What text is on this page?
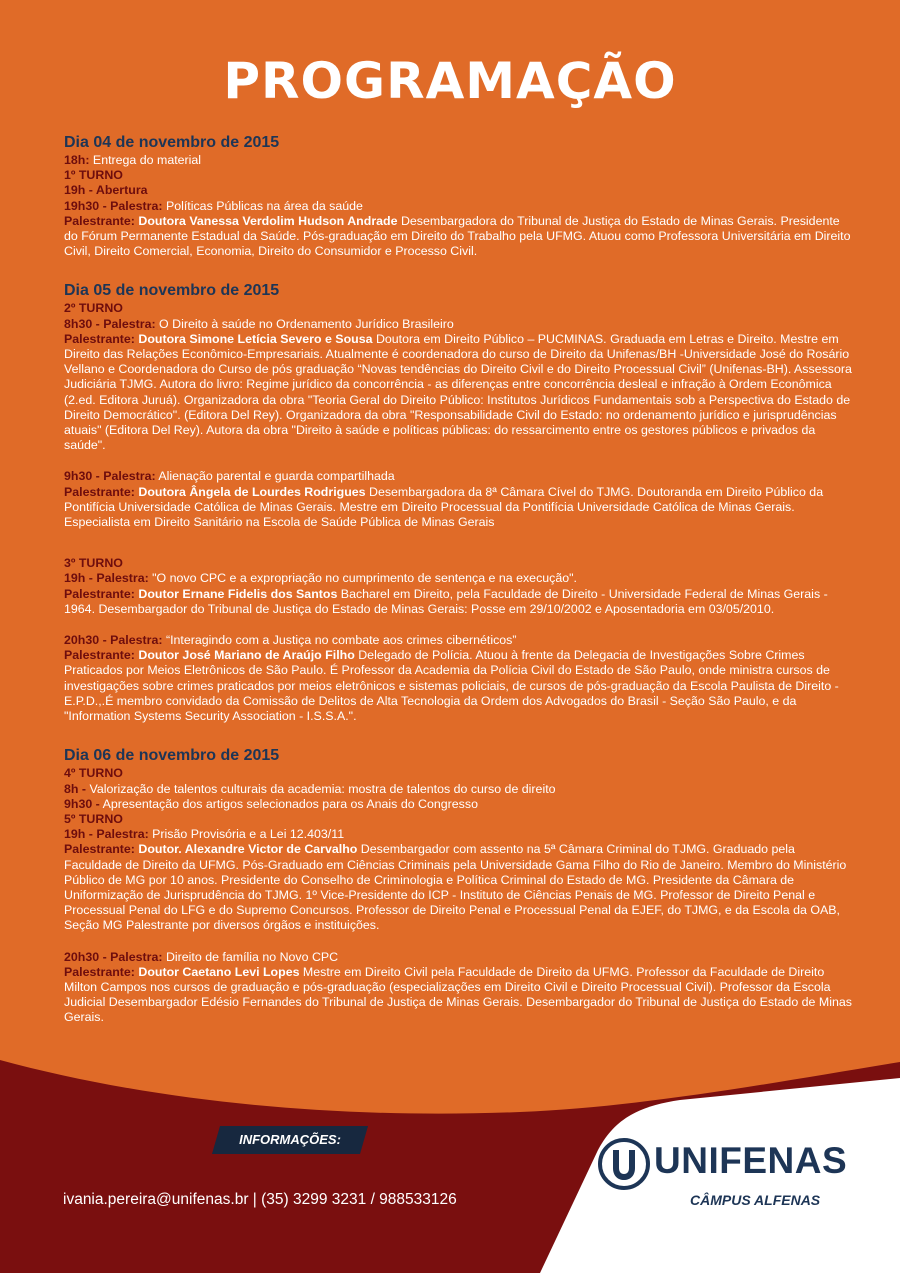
PROGRAMAÇÃO

Dia 04 de novembro de 2015

18h: Entrega do material

1º TURNO

19h - Abertura

19h30 - Palestra: Políticas Públicas na área da saúde

Palestrante: Doutora Vanessa Verdolim Hudson Andrade Desembargadora do Tribunal de Justiça do Estado de Minas Gerais. Presidente do Fórum Permanente Estadual da Saúde. Pós-graduação em Direito do Trabalho pela UFMG. Atuou como Professora Universitária em Direito Civil, Direito Comercial, Economia, Direito do Consumidor e Processo Civil.

Dia 05 de novembro de 2015

2º TURNO

8h30 - Palestra: O Direito à saúde no Ordenamento Jurídico Brasileiro

Palestrante: Doutora Simone Letícia Severo e Sousa Doutora em Direito Público – PUCMINAS. Graduada em Letras e Direito. Mestre em Direito das Relações Econômico-Empresariais. Atualmente é coordenadora do curso de Direito da Unifenas/BH -Universidade José do Rosário Vellano e Coordenadora do Curso de pós graduação “Novas tendências do Direito Civil e do Direito Processual Civil” (Unifenas-BH). Assessora Judiciária TJMG. Autora do livro: Regime jurídico da concorrência - as diferenças entre concorrência desleal e infração à Ordem Econômica (2.ed. Editora Juruá). Organizadora da obra "Teoria Geral do Direito Público: Institutos Jurídicos Fundamentais sob a Perspectiva do Estado de Direito Democrático". (Editora Del Rey). Organizadora da obra "Responsabilidade Civil do Estado: no ordenamento jurídico e jurisprudências atuais" (Editora Del Rey). Autora da obra "Direito à saúde e políticas públicas: do ressarcimento entre os gestores públicos e privados da saúde".

9h30 - Palestra: Alienação parental e guarda compartilhada

Palestrante: Doutora Ângela de Lourdes Rodrigues Desembargadora da 8ª Câmara Cível do TJMG. Doutoranda em Direito Público da Pontifícia Universidade Católica de Minas Gerais. Mestre em Direito Processual da Pontifícia Universidade Católica de Minas Gerais. Especialista em Direito Sanitário na Escola de Saúde Pública de Minas Gerais

3º TURNO

19h - Palestra: "O novo CPC e a expropriação no cumprimento de sentença e na execução".

Palestrante: Doutor Ernane Fidelis dos Santos Bacharel em Direito, pela Faculdade de Direito - Universidade Federal de Minas Gerais - 1964. Desembargador do Tribunal de Justiça do Estado de Minas Gerais: Posse em 29/10/2002 e Aposentadoria em 03/05/2010.

20h30 - Palestra: “Interagindo com a Justiça no combate aos crimes cibernéticos”

Palestrante: Doutor José Mariano de Araújo Filho Delegado de Polícia. Atuou à frente da Delegacia de Investigações Sobre Crimes Praticados por Meios Eletrônicos de São Paulo. É Professor da Academia da Polícia Civil do Estado de São Paulo, onde ministra cursos de investigações sobre crimes praticados por meios eletrônicos e sistemas policiais, de cursos de pós-graduação da Escola Paulista de Direito - E.P.D.,.É membro convidado da Comissão de Delitos de Alta Tecnologia da Ordem dos Advogados do Brasil - Seção São Paulo, e da "Information Systems Security Association - I.S.S.A.".

Dia 06 de novembro de 2015

4º TURNO

8h - Valorização de talentos culturais da academia: mostra de talentos do curso de direito

9h30 - Apresentação dos artigos selecionados para os Anais do Congresso

5º TURNO

19h - Palestra: Prisão Provisória e a Lei 12.403/11

Palestrante: Doutor. Alexandre Victor de Carvalho Desembargador com assento na 5ª Câmara Criminal do TJMG. Graduado pela Faculdade de Direito da UFMG. Pós-Graduado em Ciências Criminais pela Universidade Gama Filho do Rio de Janeiro. Membro do Ministério Público de MG por 10 anos. Presidente do Conselho de Criminologia e Política Criminal do Estado de MG. Presidente da Câmara de Uniformização de Jurisprudência do TJMG. 1º Vice-Presidente do ICP - Instituto de Ciências Penais de MG. Professor de Direito Penal e Processual Penal do LFG e do Supremo Concursos. Professor de Direito Penal e Processual Penal da EJEF, do TJMG, e da Escola da OAB, Seção MG Palestrante por diversos órgãos e instituições.

20h30 - Palestra: Direito de família no Novo CPC

Palestrante: Doutor Caetano Levi Lopes Mestre em Direito Civil pela Faculdade de Direito da UFMG. Professor da Faculdade de Direito Milton Campos nos cursos de graduação e pós-graduação (especializações em Direito Civil e Direito Processual Civil). Professor da Escola Judicial Desembargador Edésio Fernandes do Tribunal de Justiça de Minas Gerais. Desembargador do Tribunal de Justiça do Estado de Minas Gerais.

INFORMAÇÕES:
ivania.pereira@unifenas.br | (35) 3299 3231 / 988533126
UNIFENAS
CÂMPUS ALFENAS
